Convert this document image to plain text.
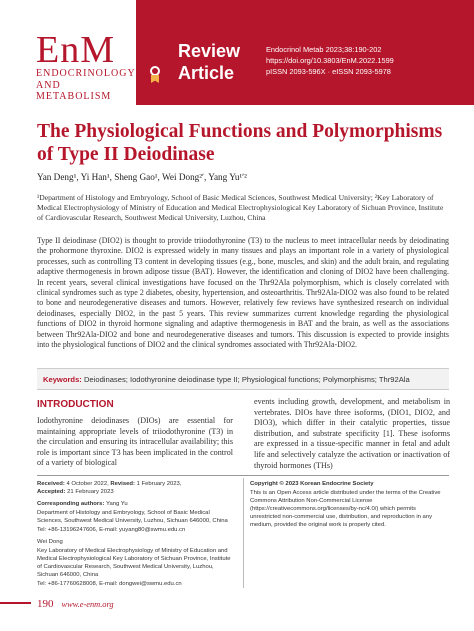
EnM
ENDOCRINOLOGY
AND METABOLISM
Review
Article
Endocrinol Metab 2023;38:190-202
https://doi.org/10.3803/EnM.2022.1599
pISSN 2093-596X · eISSN 2093-5978
The Physiological Functions and Polymorphisms of Type II Deiodinase
Yan Deng¹, Yi Han¹, Sheng Gao¹, Wei Dong²ʹ, Yang Yu¹ʹ²
¹Department of Histology and Embryology, School of Basic Medical Sciences, Southwest Medical University; ²Key Laboratory of Medical Electrophysiology of Ministry of Education and Medical Electrophysiological Key Laboratory of Sichuan Province, Institute of Cardiovascular Research, Southwest Medical University, Luzhou, China
Type II deiodinase (DIO2) is thought to provide triiodothyronine (T3) to the nucleus to meet intracellular needs by deiodinating the prohormone thyroxine. DIO2 is expressed widely in many tissues and plays an important role in a variety of physiological processes, such as controlling T3 content in developing tissues (e.g., bone, muscles, and skin) and the adult brain, and regulating adaptive thermogenesis in brown adipose tissue (BAT). However, the identification and cloning of DIO2 have been challenging. In recent years, several clinical investigations have focused on the Thr92Ala polymorphism, which is closely correlated with clinical syndromes such as type 2 diabetes, obesity, hypertension, and osteoarthritis. Thr92Ala-DIO2 was also found to be related to bone and neurodegenerative diseases and tumors. However, relatively few reviews have synthesized research on individual deiodinases, especially DIO2, in the past 5 years. This review summarizes current knowledge regarding the physiological functions of DIO2 in thyroid hormone signaling and adaptive thermogenesis in BAT and the brain, as well as the associations between Thr92Ala-DIO2 and bone and neurodegenerative diseases and tumors. This discussion is expected to provide insights into the physiological functions of DIO2 and the clinical syndromes associated with Thr92Ala-DIO2.
Keywords: Deiodinases; Iodothyronine deiodinase type II; Physiological functions; Polymorphisms; Thr92Ala
INTRODUCTION
Iodothyronine deiodinases (DIOs) are essential for maintaining appropriate levels of triiodothyronine (T3) in the circulation and ensuring its intracellular availability; this role is important since T3 has been implicated in the control of a variety of biological
events including growth, development, and metabolism in vertebrates. DIOs have three isoforms, (DIO1, DIO2, and DIO3), which differ in their catalytic properties, tissue distribution, and substrate specificity [1]. These isoforms are expressed in a tissue-specific manner in fetal and adult life and selectively catalyze the activation or inactivation of thyroid hormones (THs)

Received: 4 October 2022, Revised: 1 February 2023,
Accepted: 21 February 2023

Corresponding authors: Yang Yu

Department of Histology and Embryology, School of Basic Medical Sciences, Southwest Medical University, Luzhou, Sichuan 646000, China

Tel: +86-13196247606, E-mail: yuyang80@swmu.edu.cn

Wei Dong

Key Laboratory of Medical Electrophysiology of Ministry of Education and Medical Electrophysiological Key Laboratory of Sichuan Province, Institute of Cardiovascular Research, Southwest Medical University, Luzhou, Sichuan 646000, China

Tel: +86-17760628008, E-mail: dongwei@swmu.edu.cn

Copyright © 2023 Korean Endocrine Society
This is an Open Access article distributed under the terms of the Creative Commons Attribution Non-Commercial License (https://creativecommons.org/licenses/by-nc/4.0/) which permits unrestricted non-commercial use, distribution, and reproduction in any medium, provided the original work is properly cited.
190 www.e-enm.org
